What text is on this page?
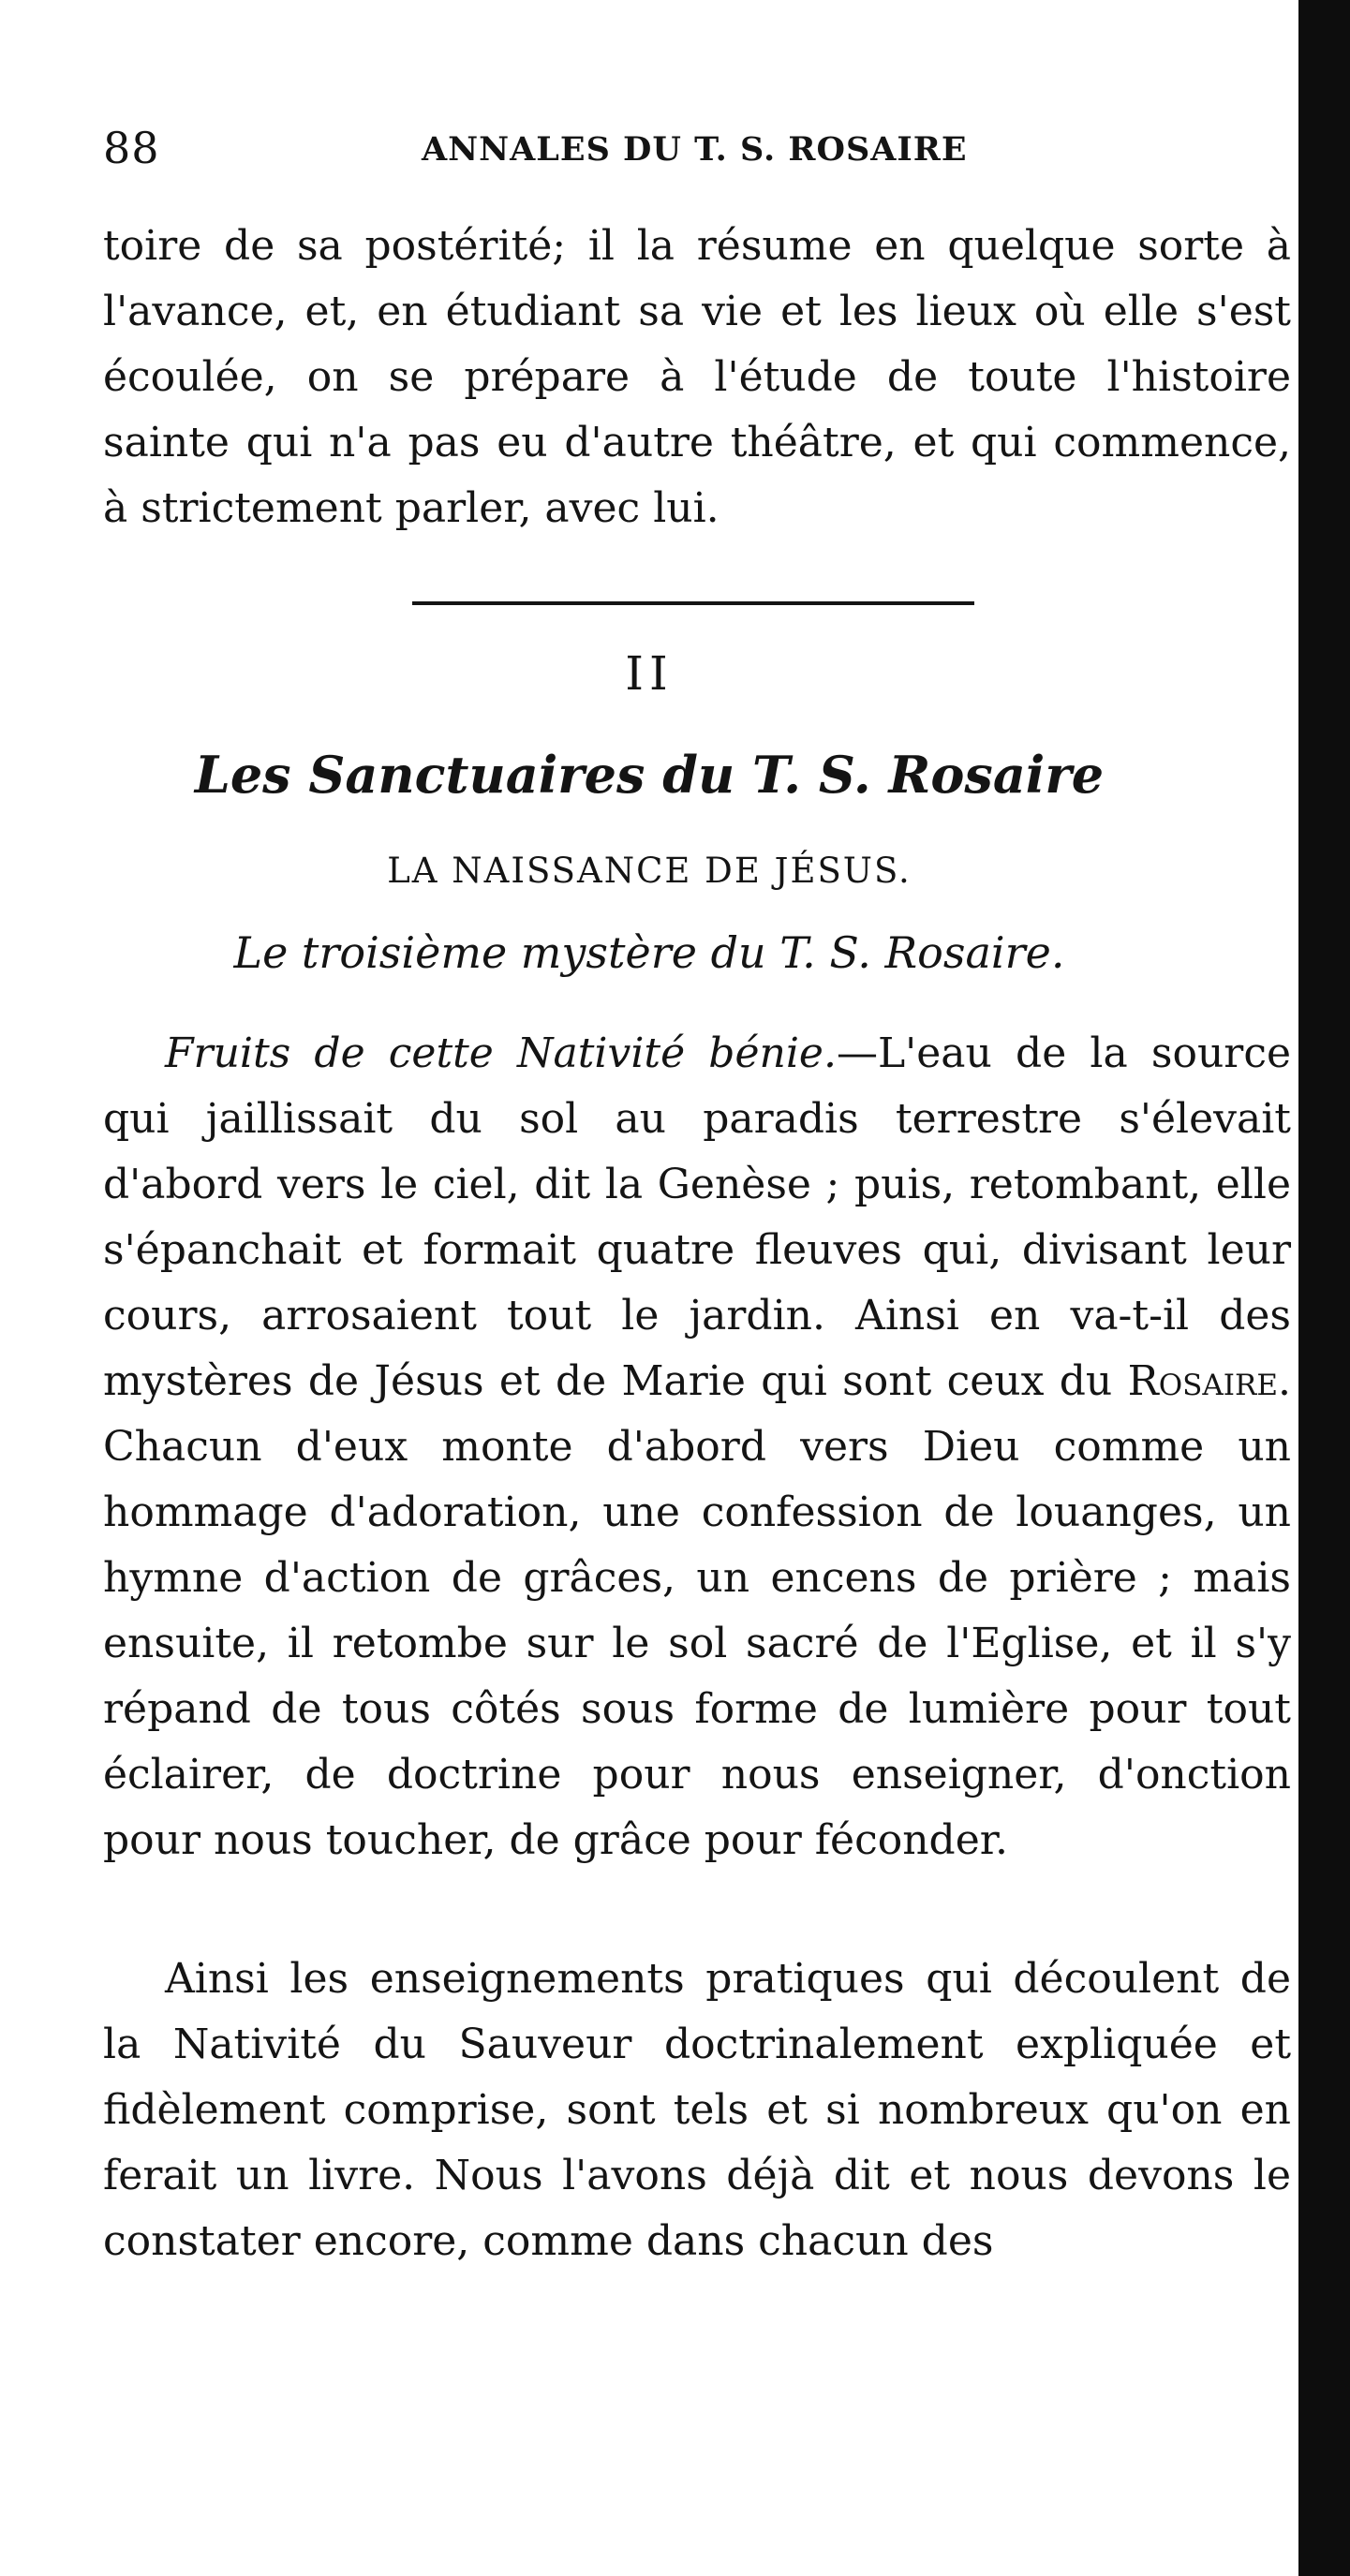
88	ANNALES DU T. S. ROSAIRE
toire de sa postérité; il la résume en quelque sorte à l'avance, et, en étudiant sa vie et les lieux où elle s'est écoulée, on se prépare à l'étude de toute l'histoire sainte qui n'a pas eu d'autre théâtre, et qui commence, à strictement parler, avec lui.
II
Les Sanctuaires du T. S. Rosaire
LA NAISSANCE DE JÉSUS.
Le troisième mystère du T. S. Rosaire.
Fruits de cette Nativité bénie.—L'eau de la source qui jaillissait du sol au paradis terrestre s'élevait d'abord vers le ciel, dit la Genèse ; puis, retombant, elle s'épanchait et formait quatre fleuves qui, divisant leur cours, arrosaient tout le jardin. Ainsi en va-t-il des mystères de Jésus et de Marie qui sont ceux du Rosaire. Chacun d'eux monte d'abord vers Dieu comme un hommage d'adoration, une confession de louanges, un hymne d'action de grâces, un encens de prière ; mais ensuite, il retombe sur le sol sacré de l'Eglise, et il s'y répand de tous côtés sous forme de lumière pour tout éclairer, de doctrine pour nous enseigner, d'onction pour nous toucher, de grâce pour féconder.
Ainsi les enseignements pratiques qui découlent de la Nativité du Sauveur doctrinalement expliquée et fidèlement comprise, sont tels et si nombreux qu'on en ferait un livre. Nous l'avons déjà dit et nous devons le constater encore, comme dans chacun des
